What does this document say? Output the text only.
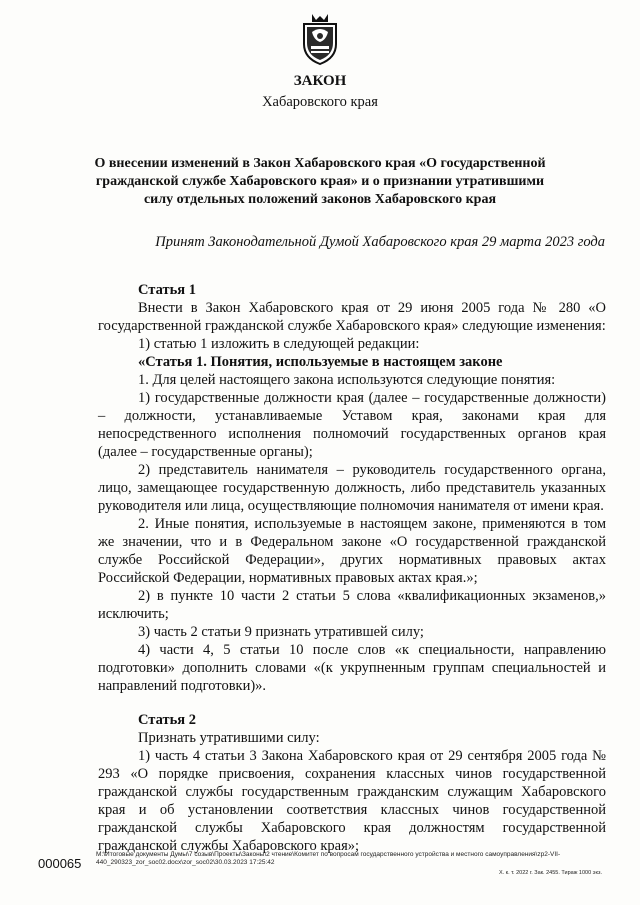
ЗАКОН
Хабаровского края
О внесении изменений в Закон Хабаровского края «О государственной гражданской службе Хабаровского края» и о признании утратившими силу отдельных положений законов Хабаровского края
Принят Законодательной Думой Хабаровского края 29 марта 2023 года

Статья 1

Внести в Закон Хабаровского края от 29 июня 2005 года № 280 «О государственной гражданской службе Хабаровского края» следующие изменения:

1) статью 1 изложить в следующей редакции:

«Статья 1. Понятия, используемые в настоящем законе

1. Для целей настоящего закона используются следующие понятия:

1) государственные должности края (далее – государственные должности) – должности, устанавливаемые Уставом края, законами края для непосредственного исполнения полномочий государственных органов края (далее – государственные органы);

2) представитель нанимателя – руководитель государственного органа, лицо, замещающее государственную должность, либо представитель указанных руководителя или лица, осуществляющие полномочия нанимателя от имени края.

2. Иные понятия, используемые в настоящем законе, применяются в том же значении, что и в Федеральном законе «О государственной гражданской службе Российской Федерации», других нормативных правовых актах Российской Федерации, нормативных правовых актах края.»;

2) в пункте 10 части 2 статьи 5 слова «квалификационных экзаменов,» исключить;

3) часть 2 статьи 9 признать утратившей силу;

4) части 4, 5 статьи 10 после слов «к специальности, направлению подготовки» дополнить словами «(к укрупненным группам специальностей и направлений подготовки)».

Статья 2

Признать утратившими силу:

1) часть 4 статьи 3 Закона Хабаровского края от 29 сентября 2005 года № 293 «О порядке присвоения, сохранения классных чинов государственной гражданской службы государственным гражданским служащим Хабаровского края и об установлении соответствия классных чинов государственной гражданской службы Хабаровского края должностям государственной гражданской службы Хабаровского края»;

000065
M:\Итоговые документы Думы\7 созыв\Проекты\Законы\2 чтение\Комитет по вопросам государственного устройства и местного самоуправления\zp2-VII-440_290323_zor_soc02.docx\zor_soc02\30.03.2023 17:25:42
Х. к. т. 2022 г. Зак. 2455. Тираж 1000 экз.
